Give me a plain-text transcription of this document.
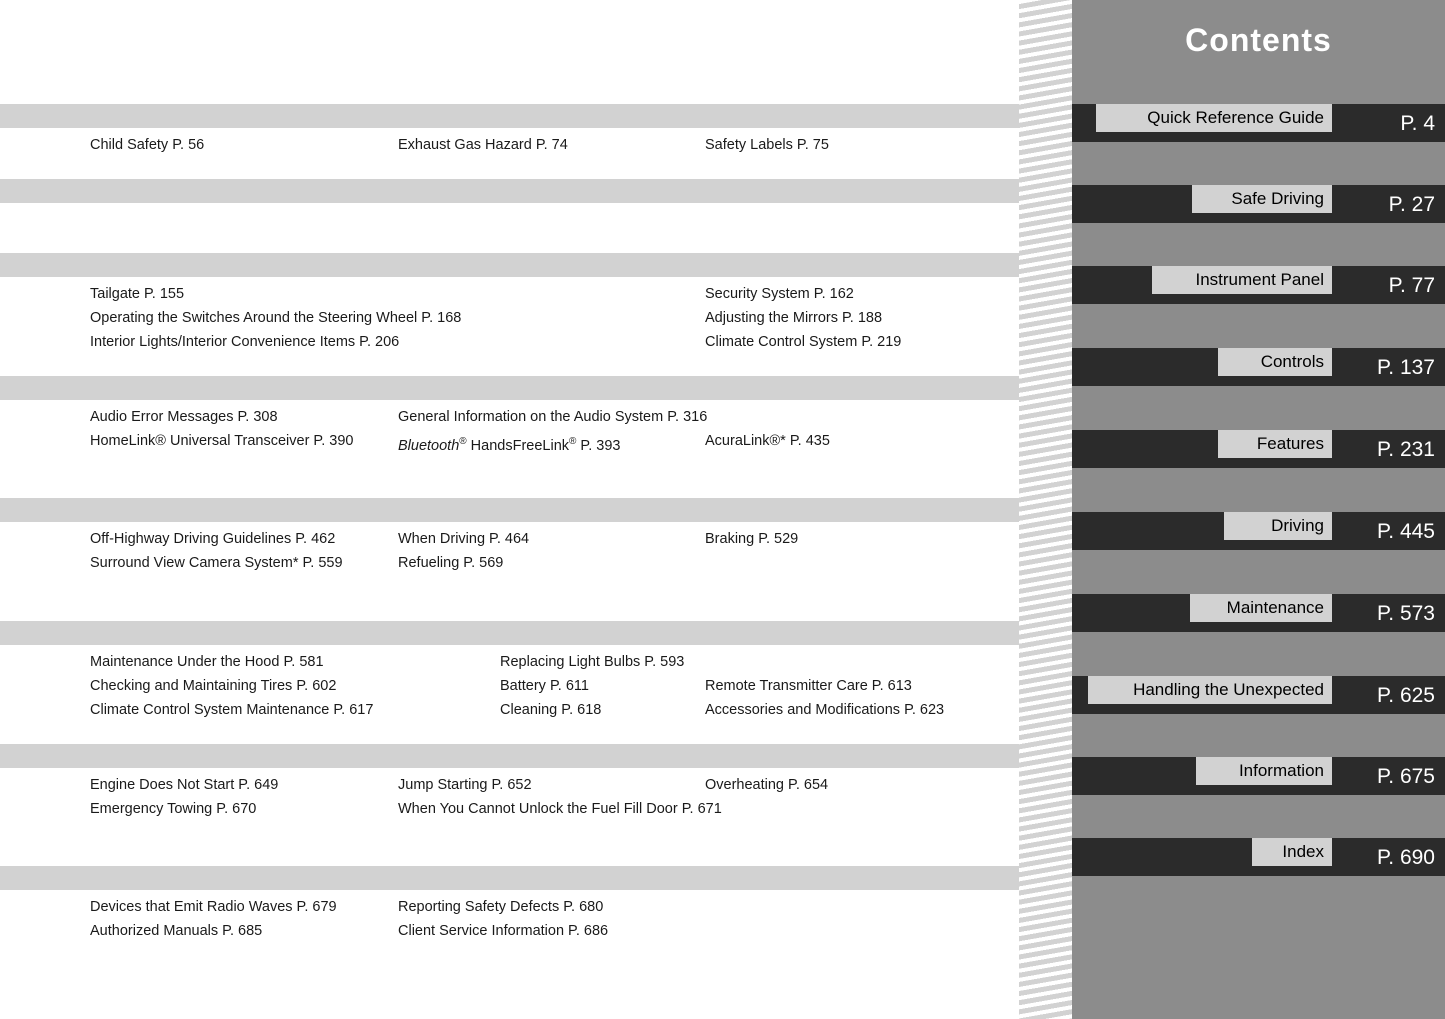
Child Safety P. 56	Exhaust Gas Hazard P. 74	Safety Labels P. 75
Tailgate P. 155	Security System P. 162
Operating the Switches Around the Steering Wheel P. 168	Adjusting the Mirrors P. 188
Interior Lights/Interior Convenience Items P. 206	Climate Control System P. 219
Audio Error Messages P. 308	General Information on the Audio System P. 316
HomeLink® Universal Transceiver P. 390	Bluetooth® HandsFreeLink® P. 393	AcuraLink®* P. 435
Off-Highway Driving Guidelines P. 462	When Driving P. 464	Braking P. 529
Surround View Camera System* P. 559	Refueling P. 569
Maintenance Under the Hood P. 581	Replacing Light Bulbs P. 593
Checking and Maintaining Tires P. 602	Battery P. 611	Remote Transmitter Care P. 613
Climate Control System Maintenance P. 617	Cleaning P. 618	Accessories and Modifications P. 623
Engine Does Not Start P. 649	Jump Starting P. 652	Overheating P. 654
Emergency Towing P. 670	When You Cannot Unlock the Fuel Fill Door P. 671
Devices that Emit Radio Waves P. 679	Reporting Safety Defects P. 680
Authorized Manuals P. 685	Client Service Information P. 686
Contents
Quick Reference Guide	P. 4
Safe Driving	P. 27
Instrument Panel	P. 77
Controls	P. 137
Features	P. 231
Driving	P. 445
Maintenance	P. 573
Handling the Unexpected	P. 625
Information	P. 675
Index	P. 690
